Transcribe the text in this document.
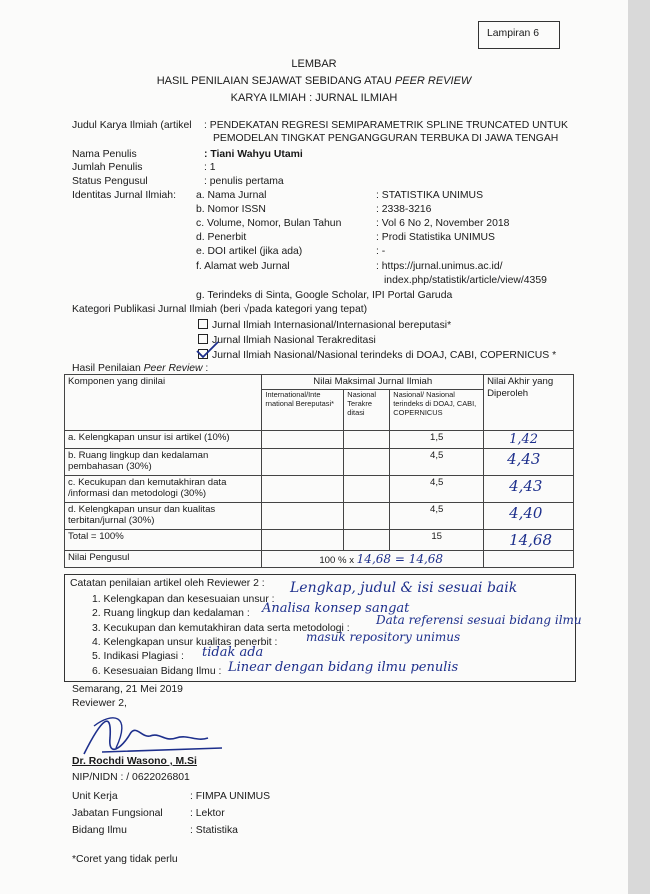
Lampiran 6
LEMBAR
HASIL PENILAIAN SEJAWAT SEBIDANG ATAU PEER REVIEW
KARYA ILMIAH : JURNAL ILMIAH
Judul Karya Ilmiah (artikel : PENDEKATAN REGRESI SEMIPARAMETRIK SPLINE TRUNCATED UNTUK
PEMODELAN TINGKAT PENGANGGURAN TERBUKA DI JAWA TENGAH
Nama Penulis	: Tiani Wahyu Utami
Jumlah Penulis	: 1
Status Pengusul	: penulis pertama
Identitas Jurnal Ilmiah: a. Nama Jurnal	: STATISTIKA UNIMUS
b. Nomor ISSN	: 2338-3216
c. Volume, Nomor, Bulan Tahun	: Vol 6 No 2, November 2018
d. Penerbit	: Prodi Statistika UNIMUS
e. DOI artikel (jika ada)	: -
f. Alamat web Jurnal	: https://jurnal.unimus.ac.id/
index.php/statistik/article/view/4359
g. Terindeks di Sinta, Google Scholar, IPI Portal Garuda
Kategori Publikasi Jurnal Ilmiah (beri √pada kategori yang tepat)
Jurnal Ilmiah Internasional/Internasional bereputasi*
Jurnal Ilmiah Nasional Terakreditasi
Jurnal Ilmiah Nasional/Nasional terindeks di DOAJ, CABI, COPERNICUS *
Hasil Penilaian Peer Review :
Komponen yang dinilai	Nilai Maksimal Jurnal Ilmiah			Nilai Akhir yang Diperoleh
	International/Inte rnational Bereputasi*	Nasional Terakre ditasi	Nasional/ Nasional terindeks di DOAJ, CABI, COPERNICUS	
a. Kelengkapan unsur isi artikel (10%)			1,5	1,42
b. Ruang lingkup dan kedalaman pembahasan (30%)			4,5	4,43
c. Kecukupan dan kemutakhiran data /informasi dan metodologi (30%)			4,5	4,43
d. Kelengkapan unsur dan kualitas terbitan/jurnal (30%)			4,5	4,40
Total = 100%			15	14,68
Nilai Pengusul	100 % x 14,68 = 14,68			
Catatan penilaian artikel oleh Reviewer 2 :
1. Kelengkapan dan kesesuaian unsur :
Lengkap, judul & isi sesuai baik
2. Ruang lingkup dan kedalaman : Analisa konsep sangat
3. Kecukupan dan kemutakhiran data serta metodologi :
Data referensi sesuai bidang ilmu
4. Kelengkapan unsur kualitas penerbit : masuk repository unimus
5. Indikasi Plagiasi : tidak ada
6. Kesesuaian Bidang Ilmu : Linear dengan bidang ilmu penulis
Semarang, 21 Mei 2019
Reviewer 2,
Dr. Rochdi Wasono , M.Si
NIP/NIDN : / 0622026801
Unit Kerja	: FIMPA UNIMUS
Jabatan Fungsional	: Lektor
Bidang Ilmu	: Statistika
*Coret yang tidak perlu
